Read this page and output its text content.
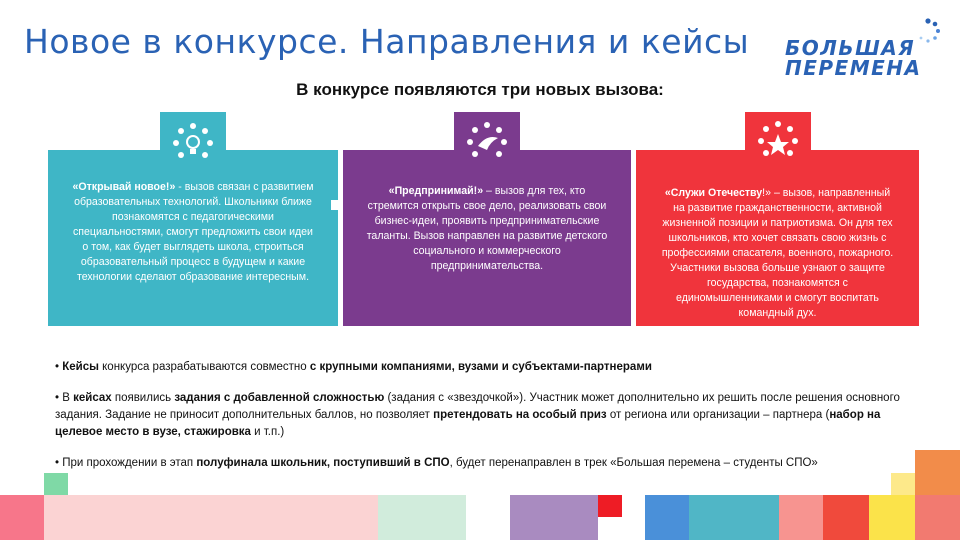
Новое в конкурсе. Направления и кейсы БОЛЬШАЯ
ПЕРЕМЕНА
В конкурсе появляются три новых вызова:
«Открывай новое!» - вызов связан с развитием образовательных технологий. Школьники ближе познакомятся с педагогическими специальностями, смогут предложить свои идеи о том, как будет выглядеть школа, строиться образовательный процесс в будущем и какие технологии сделают образование интересным.
«Предпринимай!» – вызов для тех, кто стремится открыть свое дело, реализовать свои бизнес-идеи, проявить предпринимательские таланты. Вызов направлен на развитие детского социального и коммерческого предпринимательства.
«Служи Отечеству!» – вызов, направленный на развитие гражданственности, активной жизненной позиции и патриотизма. Он для тех школьников, кто хочет связать свою жизнь с профессиями спасателя, военного, пожарного. Участники вызова больше узнают о защите государства, познакомятся с единомышленниками и смогут воспитать командный дух.

• Кейсы конкурса разрабатываются совместно с крупными компаниями, вузами и субъектами-партнерами

• В кейсах появились задания с добавленной сложностью (задания с «звездочкой»). Участник может дополнительно их решить после решения основного задания. Задание не приносит дополнительных баллов, но позволяет претендовать на особый приз от региона или организации – партнера (набор на целевое место в вузе, стажировка и т.п.)

• При прохождении в этап полуфинала школьник, поступивший в СПО, будет перенаправлен в трек «Большая перемена – студенты СПО»
